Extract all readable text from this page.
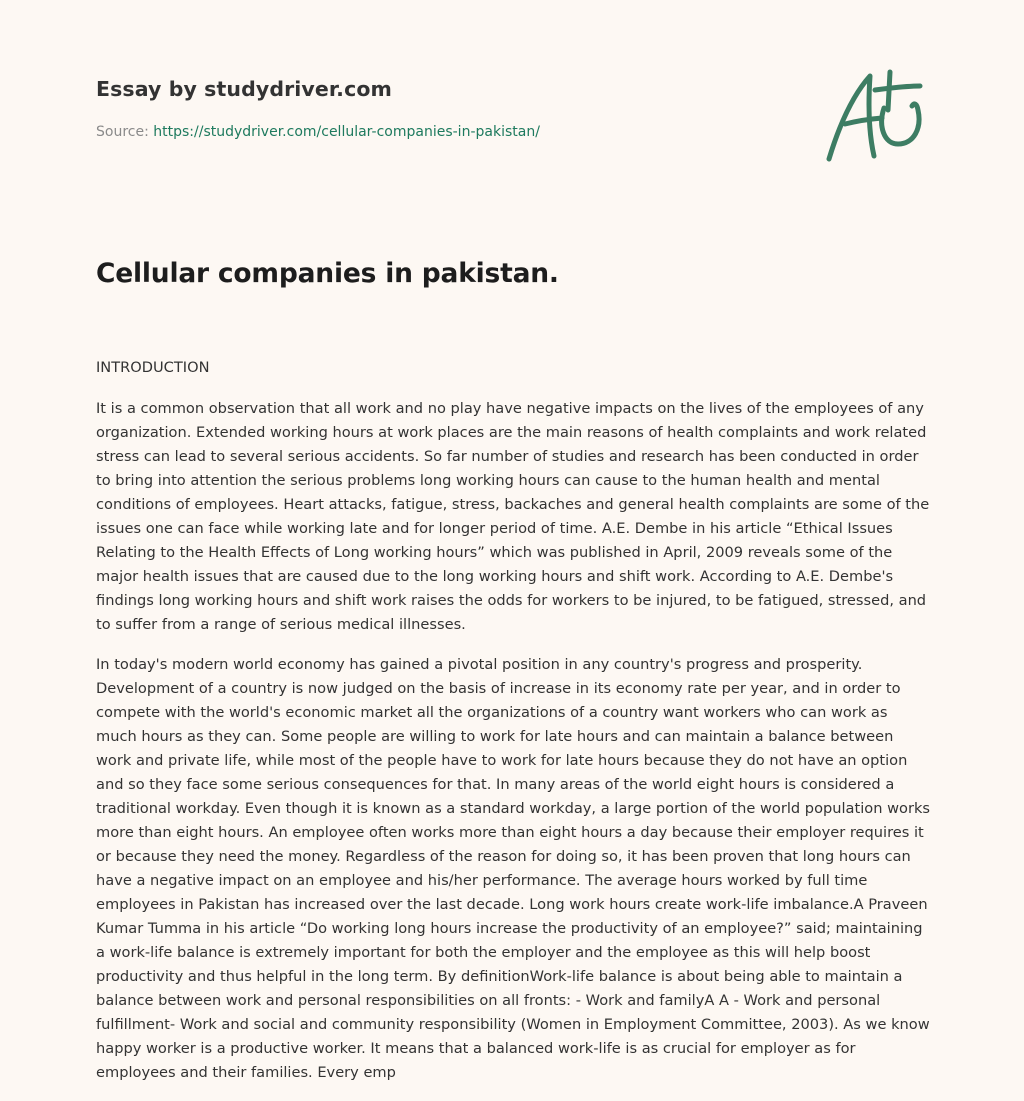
Essay by studydriver.com
Source: https://studydriver.com/cellular-companies-in-pakistan/
Cellular companies in pakistan.
INTRODUCTION

It is a common observation that all work and no play have negative impacts on the lives of the employees of any organization. Extended working hours at work places are the main reasons of health complaints and work related stress can lead to several serious accidents. So far number of studies and research has been conducted in order to bring into attention the serious problems long working hours can cause to the human health and mental conditions of employees. Heart attacks, fatigue, stress, backaches and general health complaints are some of the issues one can face while working late and for longer period of time. A.E. Dembe in his article “Ethical Issues Relating to the Health Effects of Long working hours” which was published in April, 2009 reveals some of the major health issues that are caused due to the long working hours and shift work. According to A.E. Dembe's findings long working hours and shift work raises the odds for workers to be injured, to be fatigued, stressed, and to suffer from a range of serious medical illnesses.

In today's modern world economy has gained a pivotal position in any country's progress and prosperity. Development of a country is now judged on the basis of increase in its economy rate per year, and in order to compete with the world's economic market all the organizations of a country want workers who can work as much hours as they can. Some people are willing to work for late hours and can maintain a balance between work and private life, while most of the people have to work for late hours because they do not have an option and so they face some serious consequences for that. In many areas of the world eight hours is considered a traditional workday. Even though it is known as a standard workday, a large portion of the world population works more than eight hours. An employee often works more than eight hours a day because their employer requires it or because they need the money. Regardless of the reason for doing so, it has been proven that long hours can have a negative impact on an employee and his/her performance. The average hours worked by full time employees in Pakistan has increased over the last decade. Long work hours create work-life imbalance.A Praveen Kumar Tumma in his article “Do working long hours increase the productivity of an employee?” said; maintaining a work-life balance is extremely important for both the employer and the employee as this will help boost productivity and thus helpful in the long term. By definitionWork-life balance is about being able to maintain a balance between work and personal responsibilities on all fronts: - Work and familyA A - Work and personal fulfillment- Work and social and community responsibility (Women in Employment Committee, 2003). As we know happy worker is a productive worker. It means that a balanced work-life is as crucial for employer as for employees and their families. Every emp
